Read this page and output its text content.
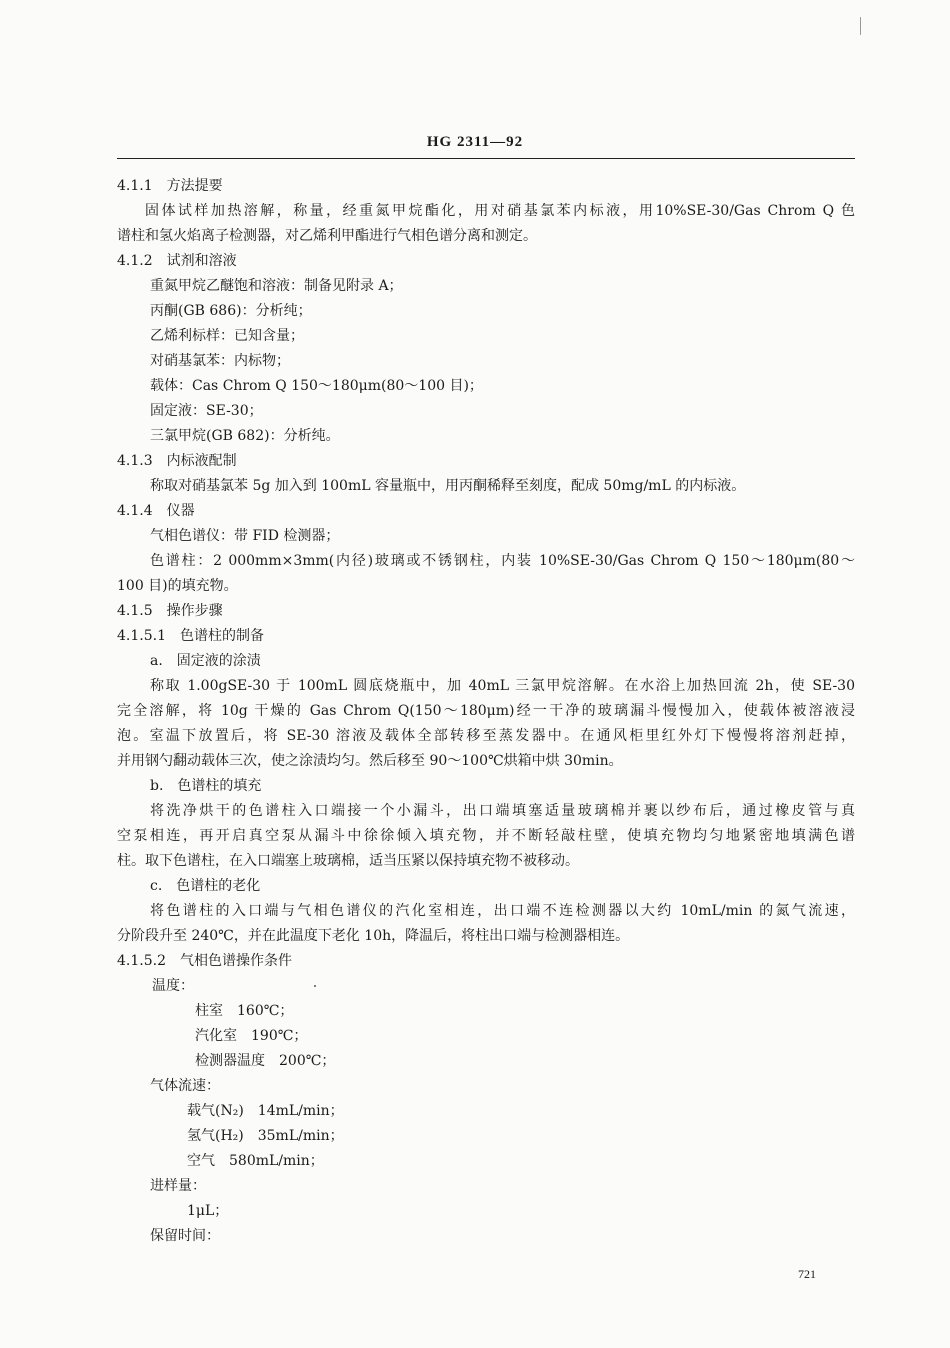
HG 2311—92
4.1.1　方法提要
固体试样加热溶解，称量，经重氮甲烷酯化，用对硝基氯苯内标液，用10%SE-30/Gas Chrom Q 色
谱柱和氢火焰离子检测器，对乙烯利甲酯进行气相色谱分离和测定。
4.1.2　试剂和溶液
重氮甲烷乙醚饱和溶液：制备见附录 A；
丙酮(GB 686)：分析纯；
乙烯利标样：已知含量；
对硝基氯苯：内标物；
载体：Cas Chrom Q 150～180μm(80～100 目)；
固定液：SE-30；
三氯甲烷(GB 682)：分析纯。
4.1.3　内标液配制
称取对硝基氯苯 5g 加入到 100mL 容量瓶中，用丙酮稀释至刻度，配成 50mg/mL 的内标液。
4.1.4　仪器
气相色谱仪：带 FID 检测器；
色谱柱：2 000mm×3mm(内径)玻璃或不锈钢柱，内装 10%SE-30/Gas Chrom Q 150～180μm(80～
100 目)的填充物。
4.1.5　操作步骤
4.1.5.1　色谱柱的制备
a.　固定液的涂渍
称取 1.00gSE-30 于 100mL 圆底烧瓶中，加 40mL 三氯甲烷溶解。在水浴上加热回流 2h，使 SE-30
完全溶解，将 10g 干燥的 Gas Chrom Q(150～180μm)经一干净的玻璃漏斗慢慢加入，使载体被溶液浸
泡。室温下放置后，将 SE-30 溶液及载体全部转移至蒸发器中。在通风柜里红外灯下慢慢将溶剂赶掉，
并用钢勺翻动载体三次，使之涂渍均匀。然后移至 90～100℃烘箱中烘 30min。
b.　色谱柱的填充
将洗净烘干的色谱柱入口端接一个小漏斗，出口端填塞适量玻璃棉并裹以纱布后，通过橡皮管与真
空泵相连，再开启真空泵从漏斗中徐徐倾入填充物，并不断轻敲柱壁，使填充物均匀地紧密地填满色谱
柱。取下色谱柱，在入口端塞上玻璃棉，适当压紧以保持填充物不被移动。
c.　色谱柱的老化
将色谱柱的入口端与气相色谱仪的汽化室相连，出口端不连检测器以大约 10mL/min 的氮气流速，
分阶段升至 240℃，并在此温度下老化 10h，降温后，将柱出口端与检测器相连。
4.1.5.2　气相色谱操作条件
温度：
柱室　160℃；
汽化室　190℃；
检测器温度　200℃；
气体流速：
载气(N₂)　14mL/min；
氢气(H₂)　35mL/min；
空气　580mL/min；
进样量：
1μL；
保留时间：
721
